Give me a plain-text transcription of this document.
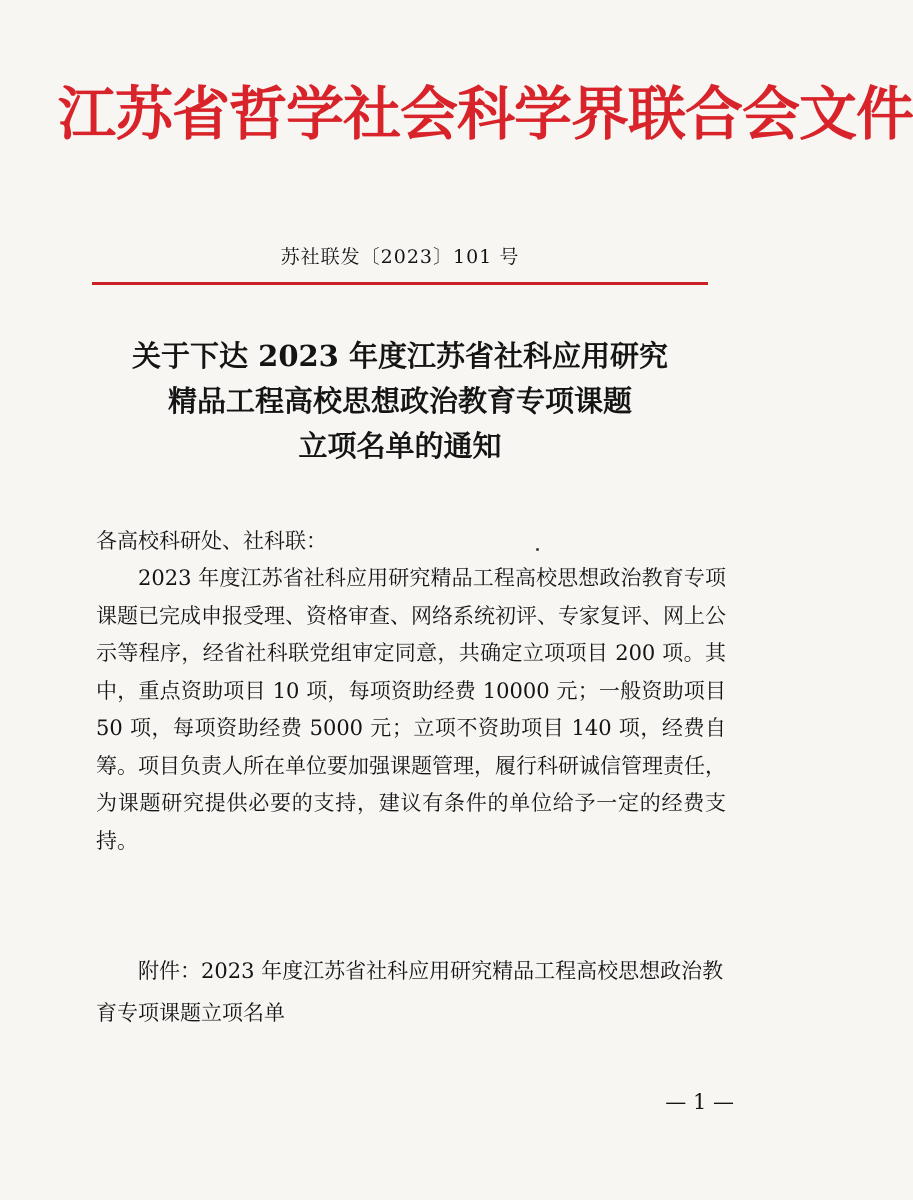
江苏省哲学社会科学界联合会文件
苏社联发〔2023〕101 号
关于下达 2023 年度江苏省社科应用研究
精品工程高校思想政治教育专项课题
立项名单的通知
各高校科研处、社科联：

2023 年度江苏省社科应用研究精品工程高校思想政治教育专项课题已完成申报受理、资格审查、网络系统初评、专家复评、网上公示等程序，经省社科联党组审定同意，共确定立项项目 200 项。其中，重点资助项目 10 项，每项资助经费 10000 元；一般资助项目 50 项，每项资助经费 5000 元；立项不资助项目 140 项，经费自筹。项目负责人所在单位要加强课题管理，履行科研诚信管理责任，为课题研究提供必要的支持，建议有条件的单位给予一定的经费支持。

附件：2023 年度江苏省社科应用研究精品工程高校思想政治教育专项课题立项名单

— 1 —
